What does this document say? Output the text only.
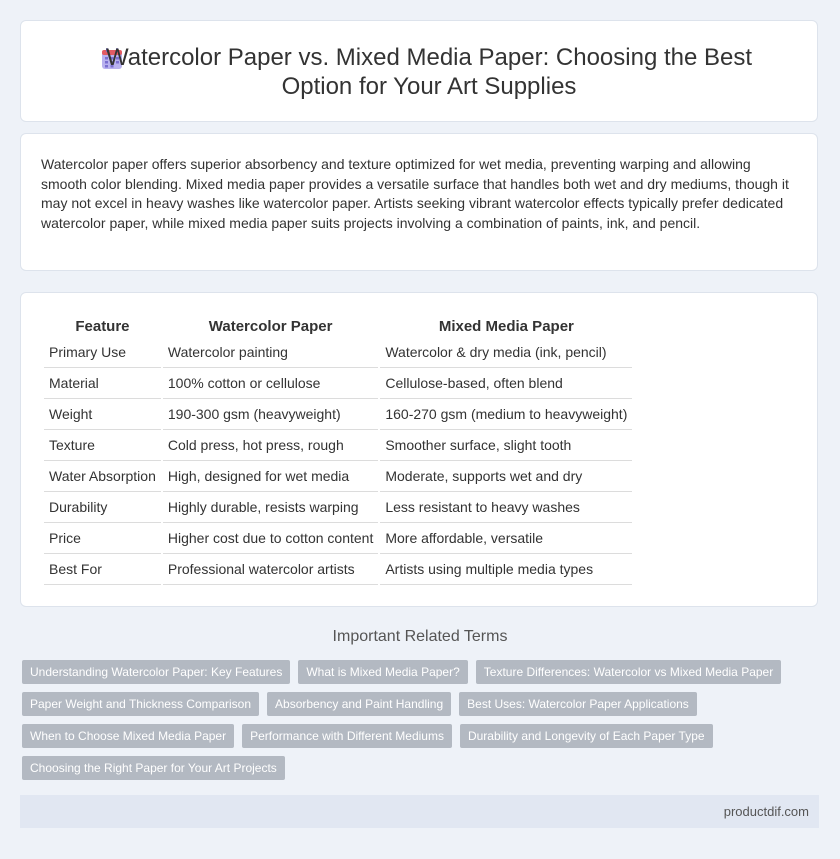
Watercolor Paper vs. Mixed Media Paper: Choosing the Best Option for Your Art Supplies

Watercolor paper offers superior absorbency and texture optimized for wet media, preventing warping and allowing smooth color blending. Mixed media paper provides a versatile surface that handles both wet and dry mediums, though it may not excel in heavy washes like watercolor paper. Artists seeking vibrant watercolor effects typically prefer dedicated watercolor paper, while mixed media paper suits projects involving a combination of paints, ink, and pencil.

Feature	Watercolor Paper	Mixed Media Paper
Primary Use	Watercolor painting	Watercolor & dry media (ink, pencil)
Material	100% cotton or cellulose	Cellulose-based, often blend
Weight	190-300 gsm (heavyweight)	160-270 gsm (medium to heavyweight)
Texture	Cold press, hot press, rough	Smoother surface, slight tooth
Water Absorption	High, designed for wet media	Moderate, supports wet and dry
Durability	Highly durable, resists warping	Less resistant to heavy washes
Price	Higher cost due to cotton content	More affordable, versatile
Best For	Professional watercolor artists	Artists using multiple media types
Important Related Terms
Understanding Watercolor Paper: Key Features	What is Mixed Media Paper?	Texture Differences: Watercolor vs Mixed Media Paper
Paper Weight and Thickness Comparison	Absorbency and Paint Handling	Best Uses: Watercolor Paper Applications
When to Choose Mixed Media Paper	Performance with Different Mediums	Durability and Longevity of Each Paper Type
Choosing the Right Paper for Your Art Projects
productdif.com
